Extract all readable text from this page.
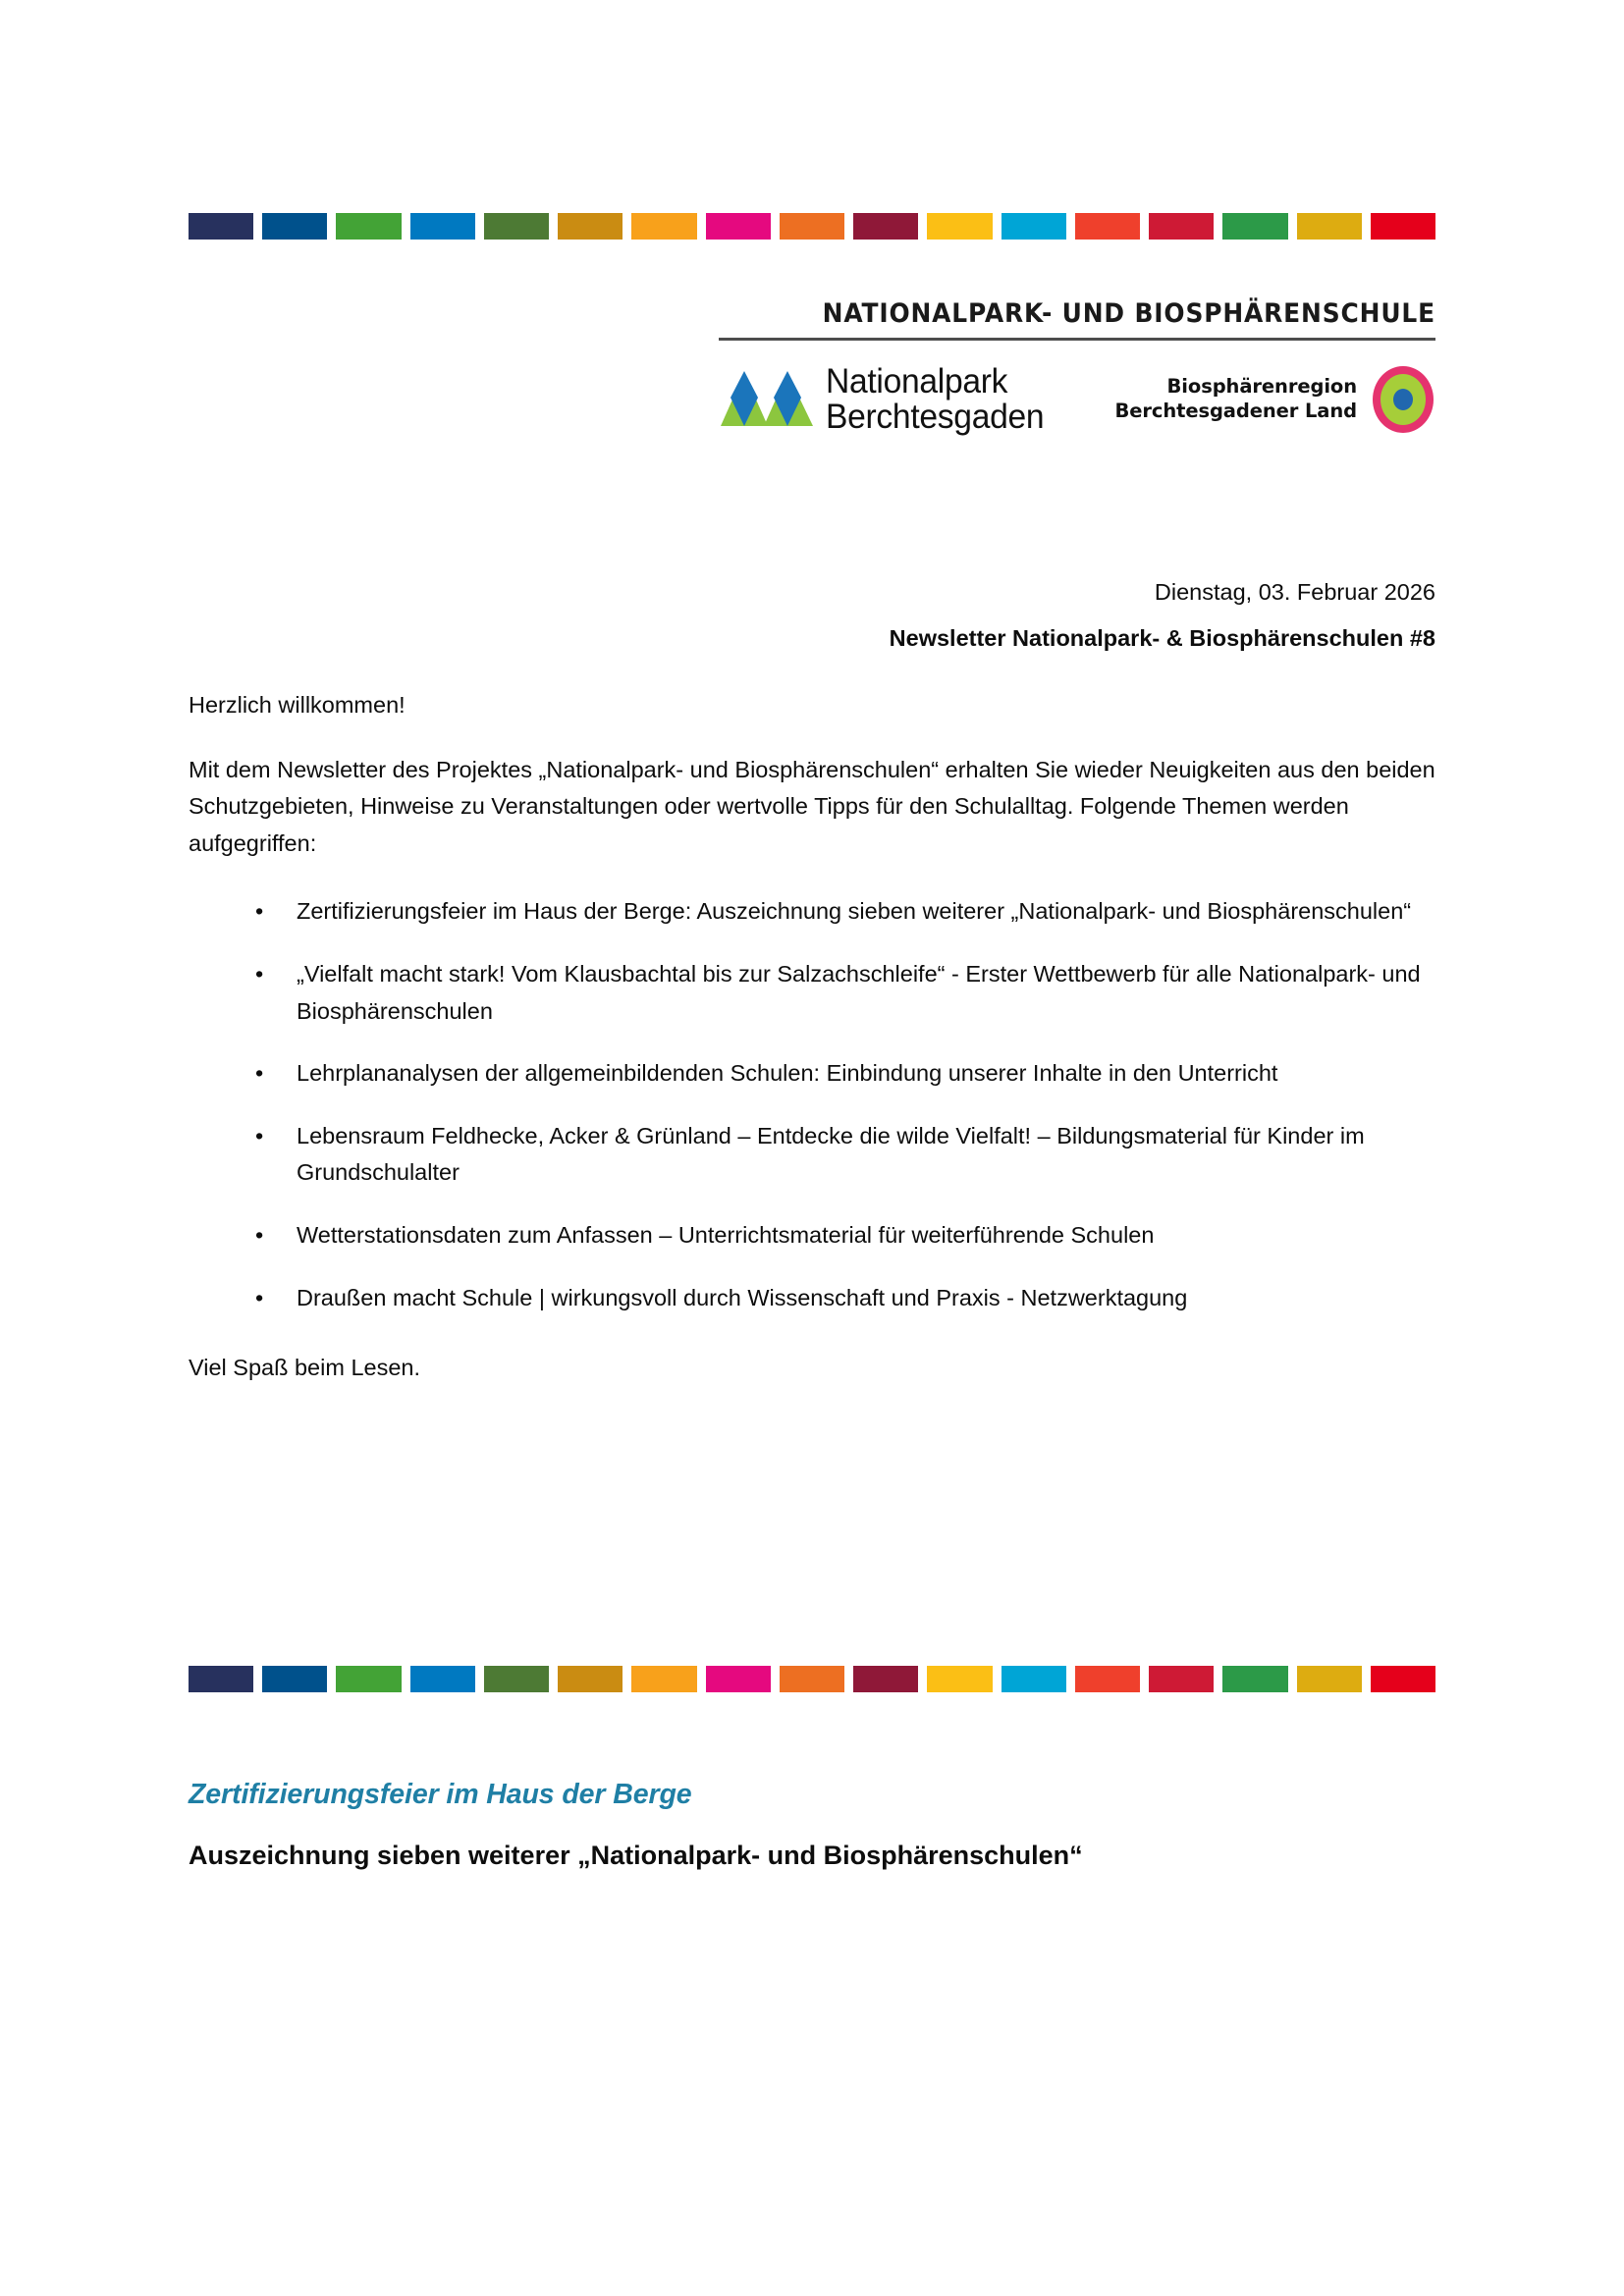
NATIONALPARK- UND BIOSPHÄRENSCHULE
Nationalpark
Berchtesgaden
Biosphärenregion
Berchtesgadener Land
Dienstag, 03. Februar 2026
Newsletter Nationalpark- & Biosphärenschulen #8

Herzlich willkommen!

Mit dem Newsletter des Projektes „Nationalpark- und Biosphärenschulen“ erhalten Sie wieder Neuigkeiten aus den beiden Schutzgebieten, Hinweise zu Veranstaltungen oder wertvolle Tipps für den Schulalltag. Folgende Themen werden aufgegriffen:

• Zertifizierungsfeier im Haus der Berge: Auszeichnung sieben weiterer „Nationalpark- und Biosphärenschulen“
• „Vielfalt macht stark! Vom Klausbachtal bis zur Salzachschleife“ - Erster Wettbewerb für alle Nationalpark- und Biosphärenschulen
• Lehrplananalysen der allgemeinbildenden Schulen: Einbindung unserer Inhalte in den Unterricht
• Lebensraum Feldhecke, Acker & Grünland – Entdecke die wilde Vielfalt! – Bildungsmaterial für Kinder im Grundschulalter
• Wetterstationsdaten zum Anfassen – Unterrichtsmaterial für weiterführende Schulen
• Draußen macht Schule | wirkungsvoll durch Wissenschaft und Praxis - Netzwerktagung

Viel Spaß beim Lesen.

Zertifizierungsfeier im Haus der Berge
Auszeichnung sieben weiterer „Nationalpark- und Biosphärenschulen“
